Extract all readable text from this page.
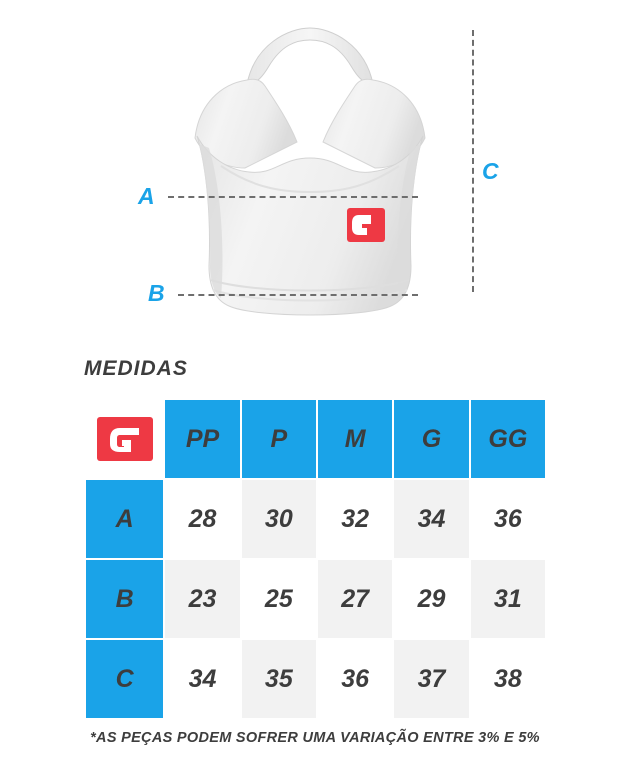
A
B
C
MEDIDAS
	PP	P	M	G	GG
A	28	30	32	34	36
B	23	25	27	29	31
C	34	35	36	37	38
*AS PEÇAS PODEM SOFRER UMA VARIAÇÃO ENTRE 3% E 5%
